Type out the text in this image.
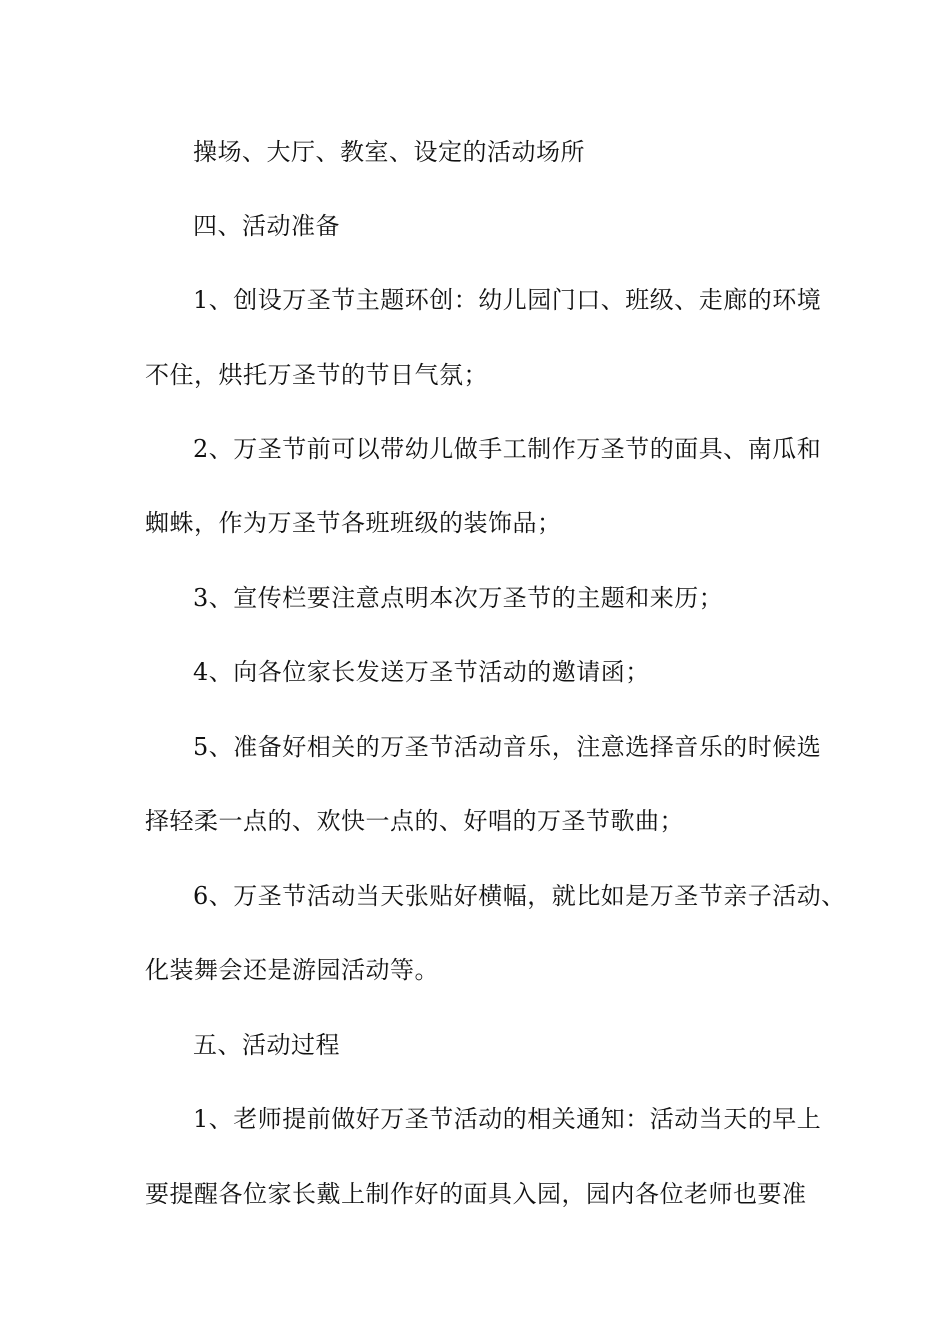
操场、大厅、教室、设定的活动场所
四、活动准备
1、创设万圣节主题环创：幼儿园门口、班级、走廊的环境
不住，烘托万圣节的节日气氛；
2、万圣节前可以带幼儿做手工制作万圣节的面具、南瓜和
蜘蛛，作为万圣节各班班级的装饰品；
3、宣传栏要注意点明本次万圣节的主题和来历；
4、向各位家长发送万圣节活动的邀请函；
5、准备好相关的万圣节活动音乐，注意选择音乐的时候选
择轻柔一点的、欢快一点的、好唱的万圣节歌曲；
6、万圣节活动当天张贴好横幅，就比如是万圣节亲子活动、
化装舞会还是游园活动等。
五、活动过程
1、老师提前做好万圣节活动的相关通知：活动当天的早上
要提醒各位家长戴上制作好的面具入园，园内各位老师也要准
